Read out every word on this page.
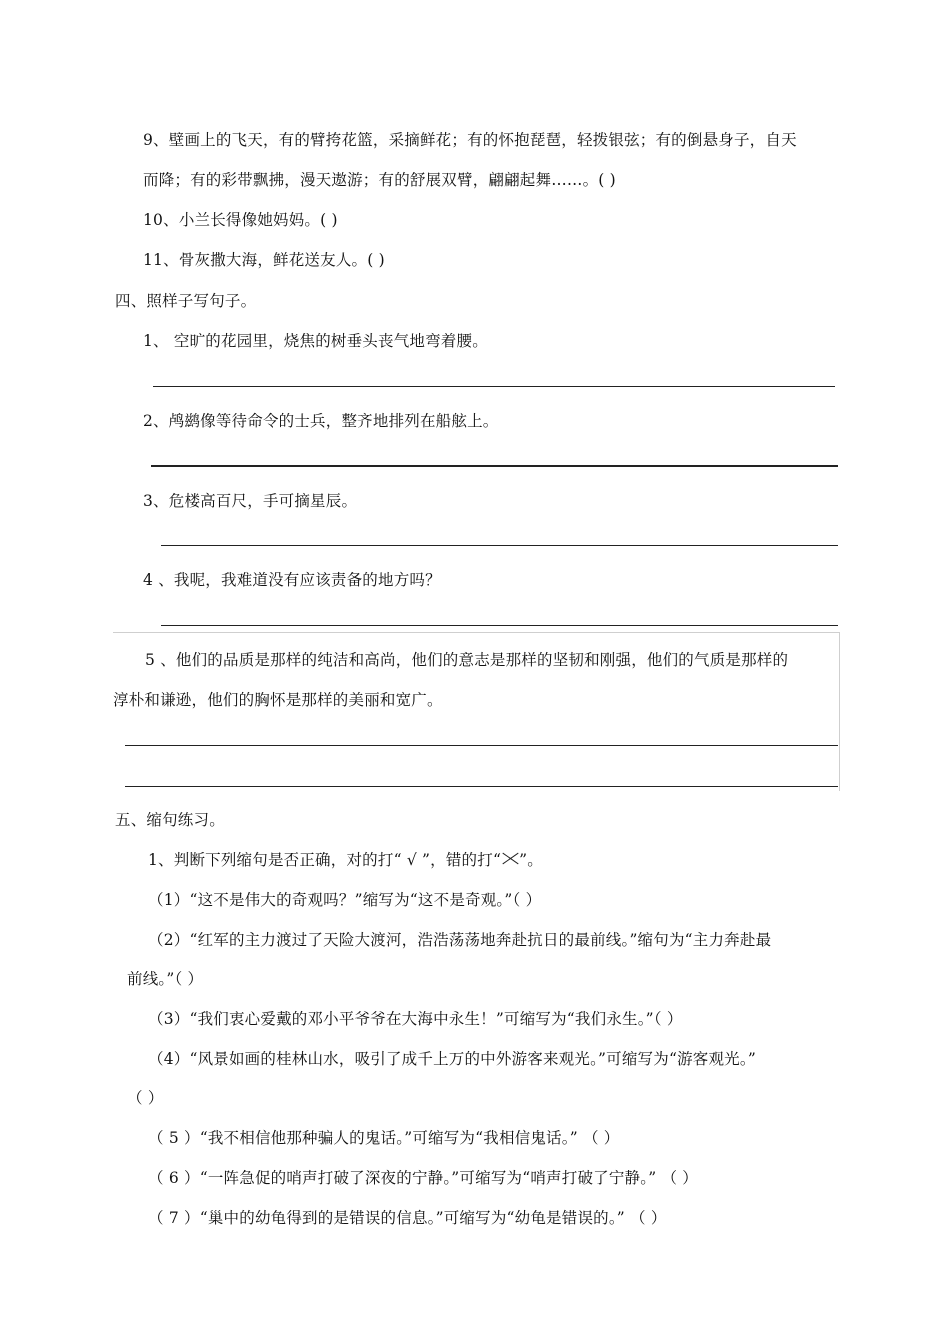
9、壁画上的飞天，有的臂挎花篮，采摘鲜花；有的怀抱琵琶，轻拨银弦；有的倒悬身子，自天
而降；有的彩带飘拂，漫天遨游；有的舒展双臂，翩翩起舞……。( )
10、小兰长得像她妈妈。( )
11、骨灰撒大海，鲜花送友人。( )
四、照样子写句子。
1、 空旷的花园里，烧焦的树垂头丧气地弯着腰。
2、鸬鹚像等待命令的士兵，整齐地排列在船舷上。
3、危楼高百尺，手可摘星辰。
4 、我呢，我难道没有应该责备的地方吗？
5 、他们的品质是那样的纯洁和高尚，他们的意志是那样的坚韧和刚强，他们的气质是那样的
淳朴和谦逊，他们的胸怀是那样的美丽和宽广。
五、缩句练习。
1、判断下列缩句是否正确，对的打“ √ ”，错的打“ ”。
（1）“这不是伟大的奇观吗？”缩写为“这不是奇观。”（ ）
（2）“红军的主力渡过了天险大渡河，浩浩荡荡地奔赴抗日的最前线。”缩句为“主力奔赴最
前线。”（ ）
（3）“我们衷心爱戴的邓小平爷爷在大海中永生！”可缩写为“我们永生。”（ ）
（4）“风景如画的桂林山水，吸引了成千上万的中外游客来观光。”可缩写为“游客观光。”
（ ）
（ 5 ）“我不相信他那种骗人的鬼话。”可缩写为“我相信鬼话。” （ ）
（ 6 ）“一阵急促的哨声打破了深夜的宁静。”可缩写为“哨声打破了宁静。” （ ）
（ 7 ）“巢中的幼龟得到的是错误的信息。”可缩写为“幼龟是错误的。” （ ）
